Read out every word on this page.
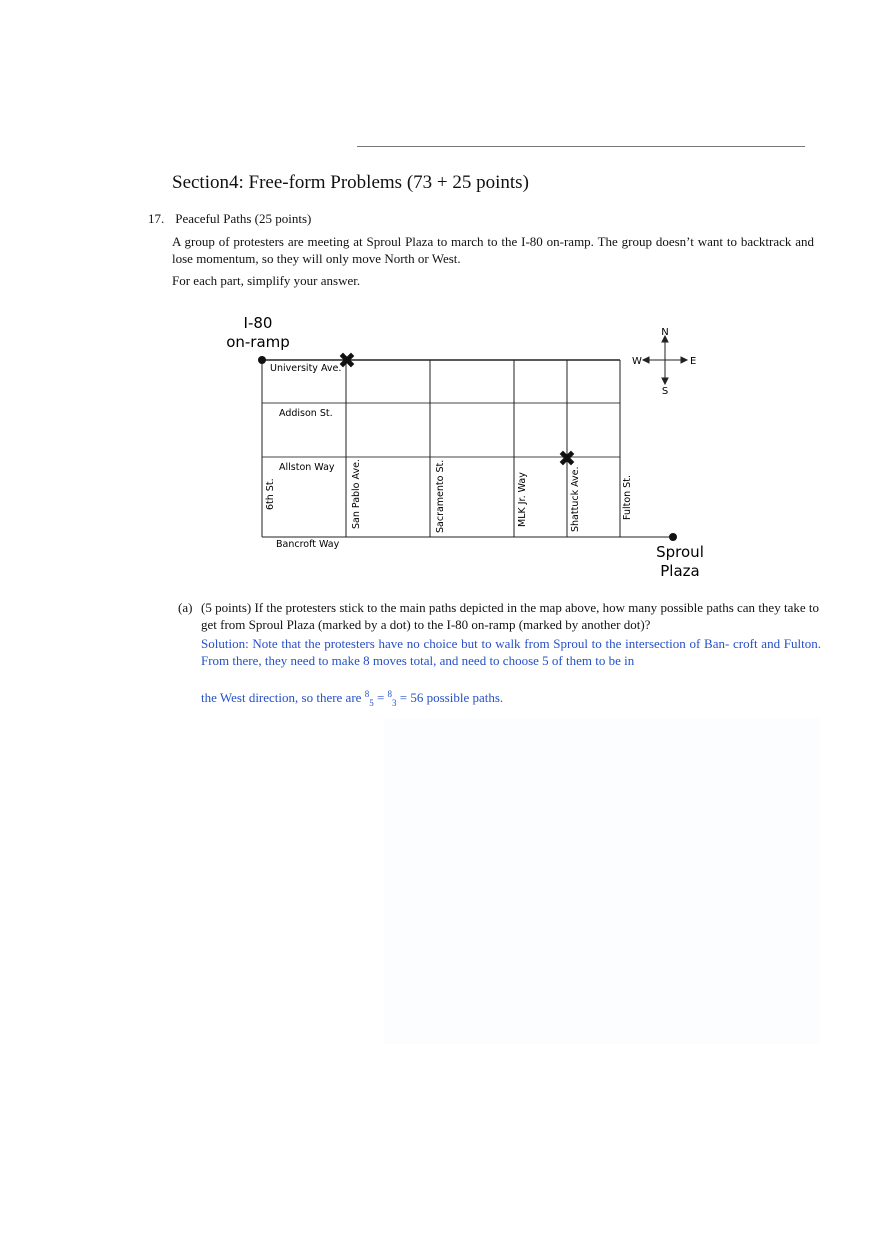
Section4: Free-form Problems (73 + 25 points)
17. Peaceful Paths (25 points)
A group of protesters are meeting at Sproul Plaza to march to the I-80 on-ramp. The group doesn’t want to backtrack and lose momentum, so they will only move North or West.
For each part, simplify your answer.
I-80
on-ramp
Sproul
Plaza
University Ave.
Addison St.
Allston Way
Bancroft Way
6th St.	San Pablo Ave.	Sacramento St.	MLK Jr. Way	Shattuck Ave.	Fulton St.
✖
✖
N
S
E
W
(a) (5 points) If the protesters stick to the main paths depicted in the map above, how many possible paths can they take to get from Sproul Plaza (marked by a dot) to the I-80 on-ramp (marked by another dot)?
Solution: Note that the protesters have no choice but to walk from Sproul to the intersection of Ban- croft and Fulton. From there, they need to make 8 moves total, and need to choose 5 of them to be in
the West direction, so there are $^8_5$ = $^8_3$ = 56 possible paths.
